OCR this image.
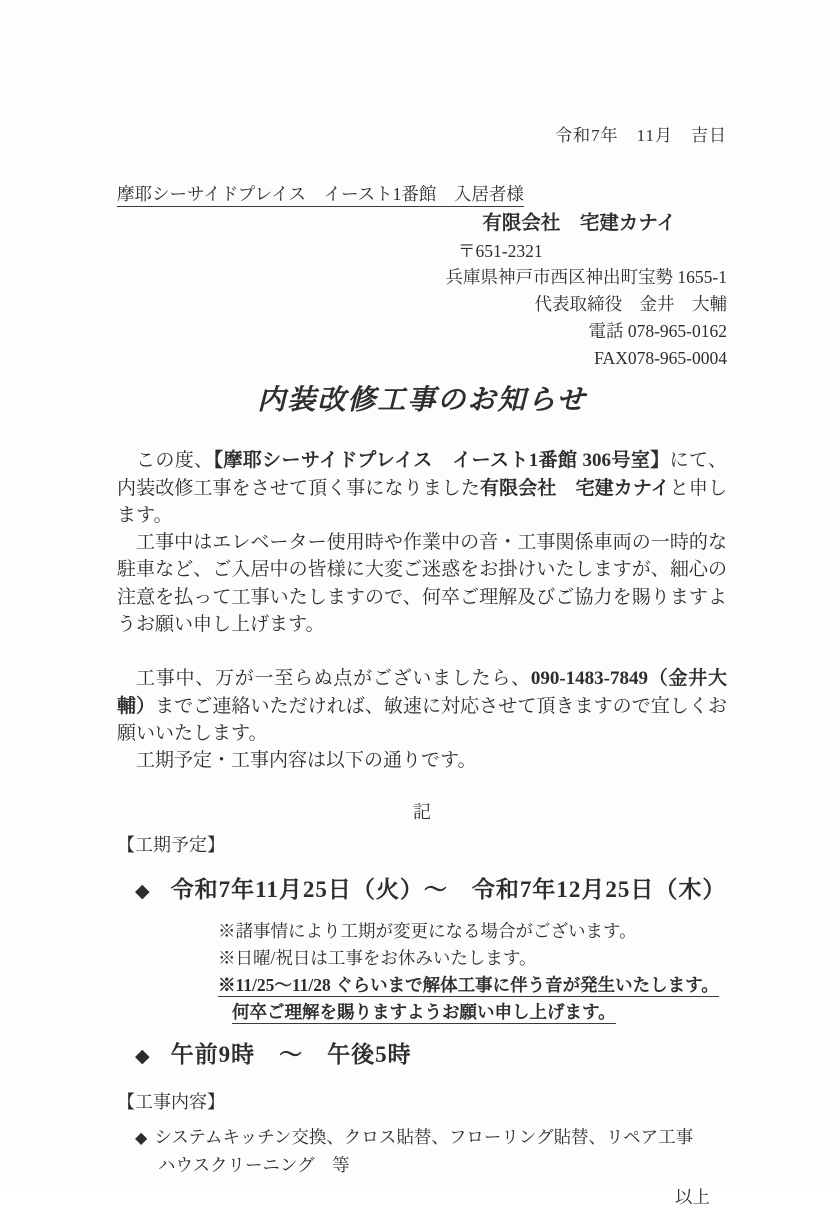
令和7年　11月　吉日
摩耶シーサイドプレイス　イースト1番館　入居者様
有限会社　宅建カナイ
〒651-2321
兵庫県神戸市西区神出町宝勢 1655-1
代表取締役　金井　大輔
電話 078-965-0162
FAX078-965-0004
内装改修工事のお知らせ

この度、【摩耶シーサイドプレイス　イースト1番館 306号室】にて、内装改修工事をさせて頂く事になりました有限会社　宅建カナイと申します。

工事中はエレベーター使用時や作業中の音・工事関係車両の一時的な駐車など、ご入居中の皆様に大変ご迷惑をお掛けいたしますが、細心の注意を払って工事いたしますので、何卒ご理解及びご協力を賜りますようお願い申し上げます。

工事中、万が一至らぬ点がございましたら、090-1483-7849（金井大輔）までご連絡いただければ、敏速に対応させて頂きますので宜しくお願いいたします。

工期予定・工事内容は以下の通りです。

記
【工期予定】
◆ 令和7年11月25日（火）～　令和7年12月25日（木）
※諸事情により工期が変更になる場合がございます。
※日曜/祝日は工事をお休みいたします。
※11/25～11/28 ぐらいまで解体工事に伴う音が発生いたします。
何卒ご理解を賜りますようお願い申し上げます。
◆ 午前9時　～　午後5時
【工事内容】
◆ システムキッチン交換、クロス貼替、フローリング貼替、リペア工事
ハウスクリーニング　等
以上
